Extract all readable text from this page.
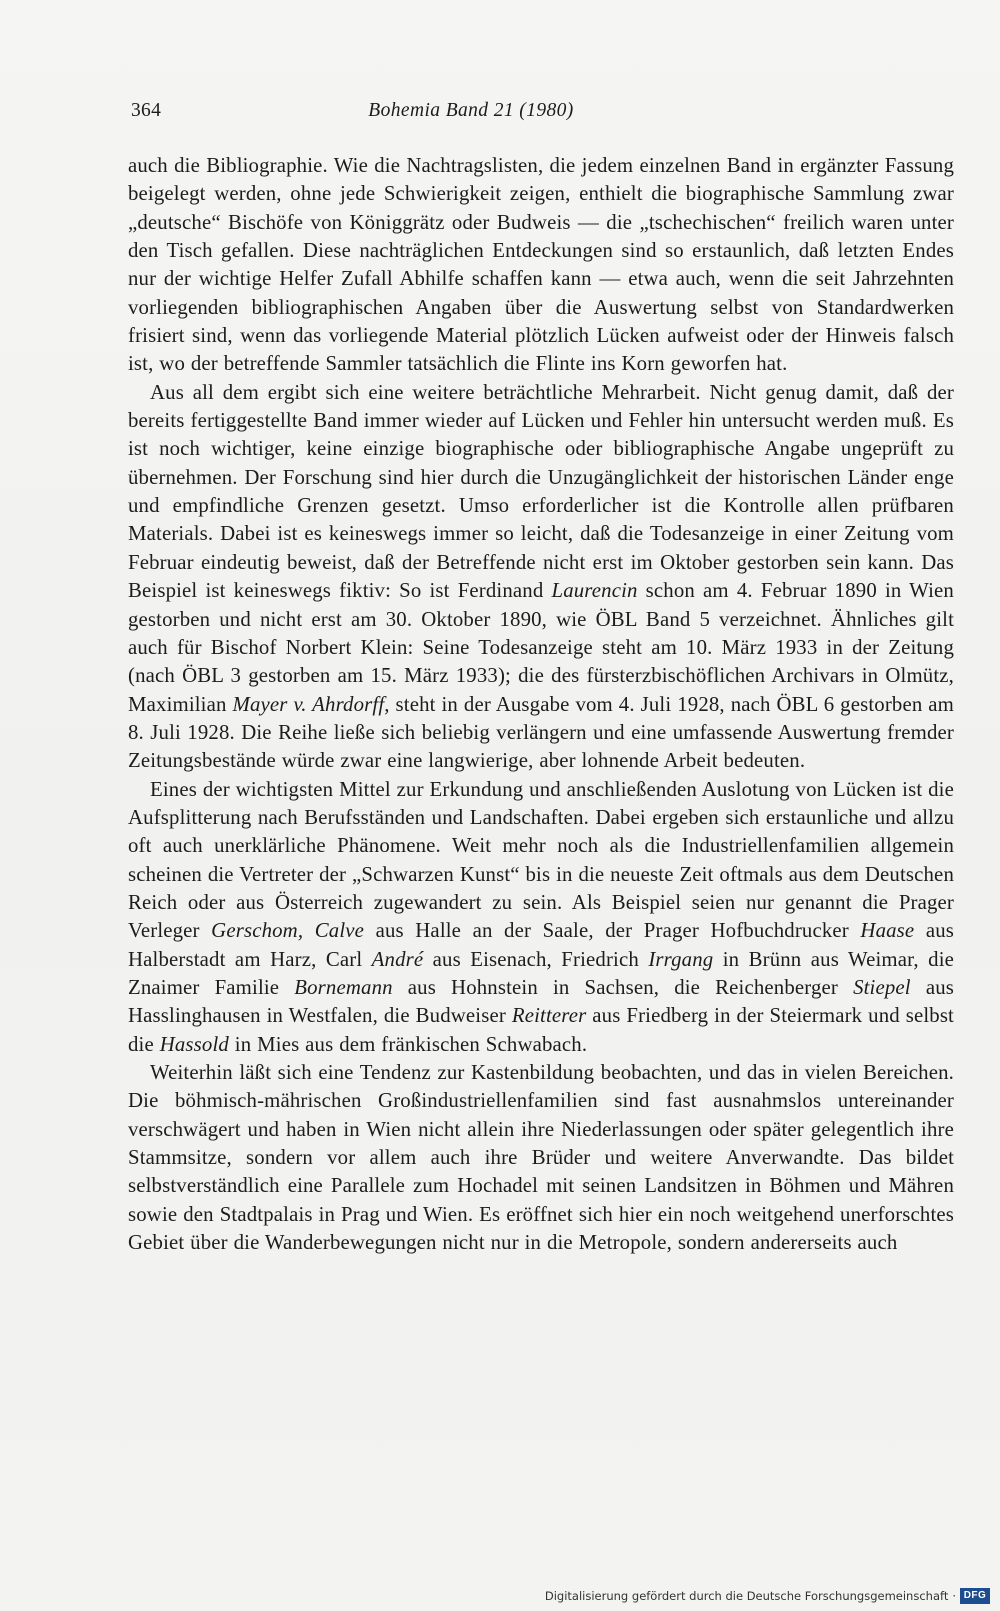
364	Bohemia Band 21 (1980)

auch die Bibliographie. Wie die Nachtragslisten, die jedem einzelnen Band in ergänzter Fassung beigelegt werden, ohne jede Schwierigkeit zeigen, enthielt die biographische Sammlung zwar „deutsche“ Bischöfe von Königgrätz oder Budweis — die „tschechischen“ freilich waren unter den Tisch gefallen. Diese nachträglichen Entdeckungen sind so erstaunlich, daß letzten Endes nur der wichtige Helfer Zufall Abhilfe schaffen kann — etwa auch, wenn die seit Jahrzehnten vorliegenden bibliographischen Angaben über die Auswertung selbst von Standardwerken frisiert sind, wenn das vorliegende Material plötzlich Lücken aufweist oder der Hinweis falsch ist, wo der betreffende Sammler tatsächlich die Flinte ins Korn geworfen hat.

Aus all dem ergibt sich eine weitere beträchtliche Mehrarbeit. Nicht genug damit, daß der bereits fertiggestellte Band immer wieder auf Lücken und Fehler hin untersucht werden muß. Es ist noch wichtiger, keine einzige biographische oder bibliographische Angabe ungeprüft zu übernehmen. Der Forschung sind hier durch die Unzugänglichkeit der historischen Länder enge und empfindliche Grenzen gesetzt. Umso erforderlicher ist die Kontrolle allen prüfbaren Materials. Dabei ist es keineswegs immer so leicht, daß die Todesanzeige in einer Zeitung vom Februar eindeutig beweist, daß der Betreffende nicht erst im Oktober gestorben sein kann. Das Beispiel ist keineswegs fiktiv: So ist Ferdinand Laurencin schon am 4. Februar 1890 in Wien gestorben und nicht erst am 30. Oktober 1890, wie ÖBL Band 5 verzeichnet. Ähnliches gilt auch für Bischof Norbert Klein: Seine Todesanzeige steht am 10. März 1933 in der Zeitung (nach ÖBL 3 gestorben am 15. März 1933); die des fürsterzbischöflichen Archivars in Olmütz, Maximilian Mayer v. Ahrdorff, steht in der Ausgabe vom 4. Juli 1928, nach ÖBL 6 gestorben am 8. Juli 1928. Die Reihe ließe sich beliebig verlängern und eine umfassende Auswertung fremder Zeitungsbestände würde zwar eine langwierige, aber lohnende Arbeit bedeuten.

Eines der wichtigsten Mittel zur Erkundung und anschließenden Auslotung von Lücken ist die Aufsplitterung nach Berufsständen und Landschaften. Dabei ergeben sich erstaunliche und allzu oft auch unerklärliche Phänomene. Weit mehr noch als die Industriellenfamilien allgemein scheinen die Vertreter der „Schwarzen Kunst“ bis in die neueste Zeit oftmals aus dem Deutschen Reich oder aus Österreich zugewandert zu sein. Als Beispiel seien nur genannt die Prager Verleger Gerschom, Calve aus Halle an der Saale, der Prager Hofbuchdrucker Haase aus Halberstadt am Harz, Carl André aus Eisenach, Friedrich Irrgang in Brünn aus Weimar, die Znaimer Familie Bornemann aus Hohnstein in Sachsen, die Reichenberger Stiepel aus Hasslinghausen in Westfalen, die Budweiser Reitterer aus Friedberg in der Steiermark und selbst die Hassold in Mies aus dem fränkischen Schwabach.

Weiterhin läßt sich eine Tendenz zur Kastenbildung beobachten, und das in vielen Bereichen. Die böhmisch-mährischen Großindustriellenfamilien sind fast ausnahmslos untereinander verschwägert und haben in Wien nicht allein ihre Niederlassungen oder später gelegentlich ihre Stammsitze, sondern vor allem auch ihre Brüder und weitere Anverwandte. Das bildet selbstverständlich eine Parallele zum Hochadel mit seinen Landsitzen in Böhmen und Mähren sowie den Stadtpalais in Prag und Wien. Es eröffnet sich hier ein noch weitgehend unerforschtes Gebiet über die Wanderbewegungen nicht nur in die Metropole, sondern andererseits auch

Digitalisierung gefördert durch die Deutsche Forschungsgemeinschaft · DFG
